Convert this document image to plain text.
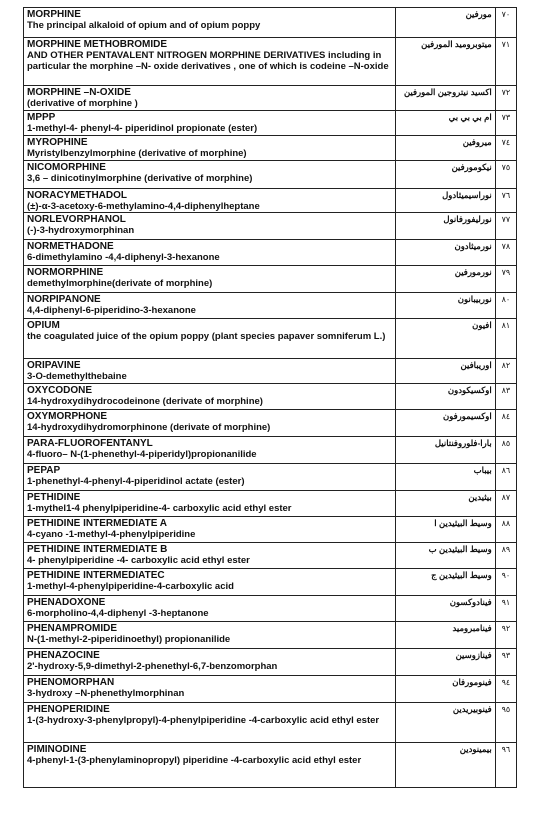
MORPHINE
The principal alkaloid of opium and of opium poppy	مورفين	٧٠

MORPHINE METHOBROMIDE
AND OTHER PENTAVALENT NITROGEN MORPHINE DERIVATIVES including in particular the morphine –N- oxide derivatives , one of which is codeine –N-oxide	ميتوبروميد المورفين	٧١

MORPHINE –N-OXIDE
(derivative of morphine )	اكسيد نيتروجين المورفين	٧٢

MPPP
1-methyl-4- phenyl-4- piperidinol propionate (ester)	ام بي بي بي	٧٣

MYROPHINE
Myristylbenzylmorphine (derivative of morphine)	ميروفين	٧٤

NICOMORPHINE
3,6 – dinicotinylmorphine (derivative of morphine)	نيكومورفين	٧٥

NORACYMETHADOL
(±)-α-3-acetoxy-6-methylamino-4,4-diphenylheptane	نوراسيميثادول	٧٦

NORLEVORPHANOL
(-)-3-hydroxymorphinan	نورليفورفانول	٧٧

NORMETHADONE
6-dimethylamino -4,4-diphenyl-3-hexanone	نورميثادون	٧٨

NORMORPHINE
demethylmorphine(derivate of morphine)	نورمورفين	٧٩

NORPIPANONE
4,4-diphenyl-6-piperidino-3-hexanone	نوربيبانون	٨٠

OPIUM
the coagulated juice of the opium poppy (plant species papaver somniferum L.)	افيون	٨١

ORIPAVINE
3-O-demethylthebaine	اوريبافين	٨٢

OXYCODONE
14-hydroxydihydrocodeinone (derivate of morphine)	اوكسيكودون	٨٣

OXYMORPHONE
14-hydroxydihydromorphinone (derivate of morphine)	اوكسيمورفون	٨٤

PARA-FLUOROFENTANYL
4-fluoro– N-(1-phenethyl-4-piperidyl)propionanilide	بارا-فلوروفنتانيل	٨٥

PEPAP
1-phenethyl-4-phenyl-4-piperidinol actate (ester)	بيباب	٨٦

PETHIDINE
1-mythel1-4 phenylpiperidine-4- carboxylic acid ethyl ester	بيثيدين	٨٧

PETHIDINE INTERMEDIATE A
4-cyano -1-methyl-4-phenylpiperidine	وسيط البيثيدين ا	٨٨

PETHIDINE INTERMEDIATE B
4- phenylpiperidine -4- carboxylic acid ethyl ester	وسيط البيثيدين ب	٨٩

PETHIDINE INTERMEDIATEC
1-methyl-4-phenylpiperidine-4-carboxylic acid	وسيط البيثيدين ج	٩٠

PHENADOXONE
6-morpholino-4,4-diphenyl -3-heptanone	فينادوكسون	٩١

PHENAMPROMIDE
N-(1-methyl-2-piperidinoethyl) propionanilide	فينامبروميد	٩٢

PHENAZOCINE
2'-hydroxy-5,9-dimethyl-2-phenethyl-6,7-benzomorphan	فينازوسين	٩٣

PHENOMORPHAN
3-hydroxy –N-phenethylmorphinan	فينومورفان	٩٤

PHENOPERIDINE
1-(3-hydroxy-3-phenylpropyl)-4-phenylpiperidine -4-carboxylic acid ethyl ester	فينوبيريدين	٩٥

PIMINODINE
4-phenyl-1-(3-phenylaminopropyl) piperidine -4-carboxylic acid ethyl ester	بيمينودين	٩٦
